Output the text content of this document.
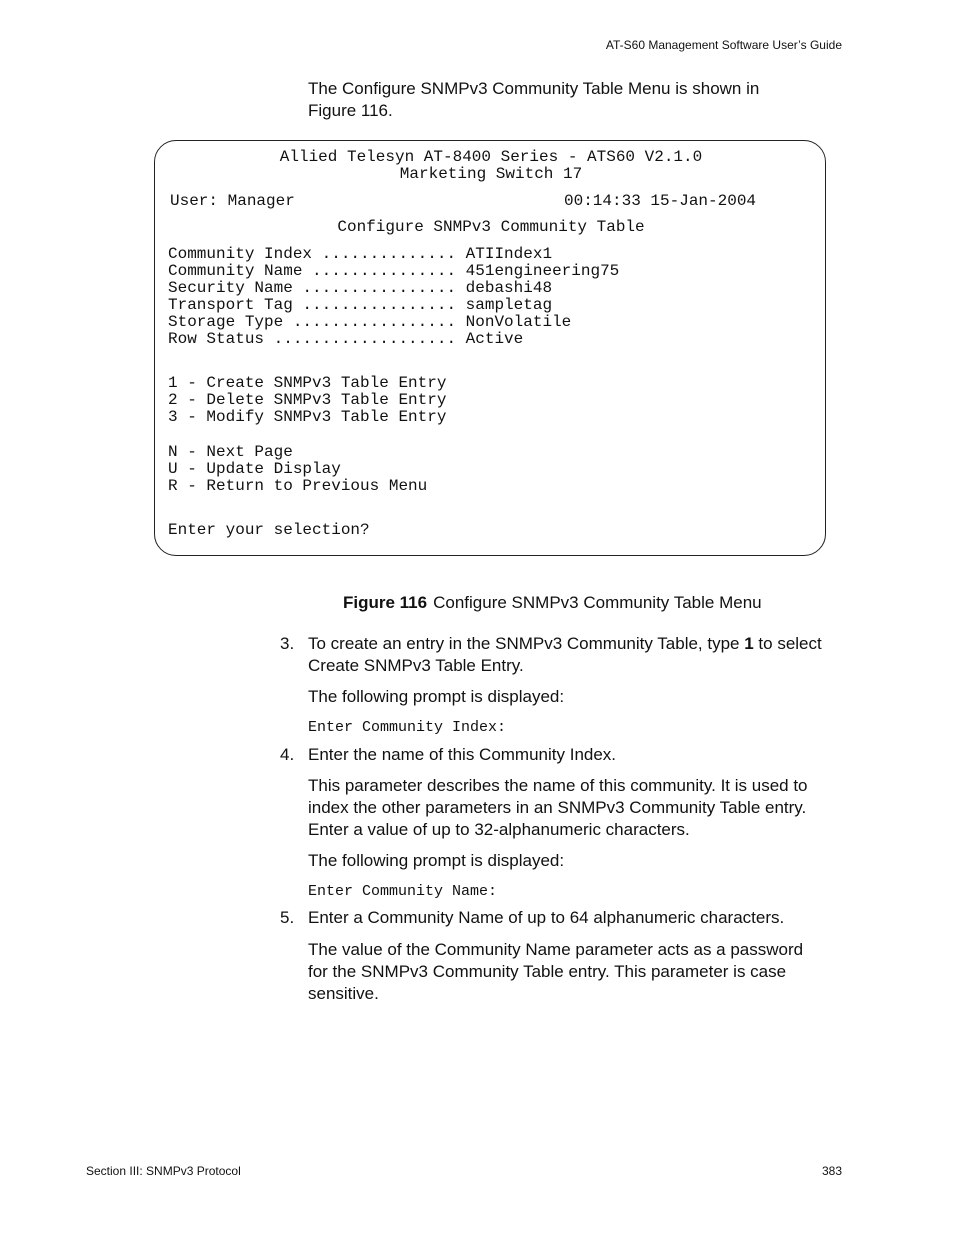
AT-S60 Management Software User’s Guide
The Configure SNMPv3 Community Table Menu is shown in Figure 116.
Allied Telesyn AT-8400 Series - ATS60 V2.1.0
Marketing Switch 17
User: Manager	00:14:33 15-Jan-2004
Configure SNMPv3 Community Table
Community Index .............. ATIIndex1
Community Name ............... 451engineering75
Security Name ................ debashi48
Transport Tag ................ sampletag
Storage Type ................. NonVolatile
Row Status ................... Active
1 - Create SNMPv3 Table Entry
2 - Delete SNMPv3 Table Entry
3 - Modify SNMPv3 Table Entry
N - Next Page
U - Update Display
R - Return to Previous Menu
Enter your selection?
Figure 116 Configure SNMPv3 Community Table Menu
3. To create an entry in the SNMPv3 Community Table, type 1 to select Create SNMPv3 Table Entry.
The following prompt is displayed:
Enter Community Index:
4. Enter the name of this Community Index.
This parameter describes the name of this community. It is used to index the other parameters in an SNMPv3 Community Table entry. Enter a value of up to 32-alphanumeric characters.
The following prompt is displayed:
Enter Community Name:
5. Enter a Community Name of up to 64 alphanumeric characters.
The value of the Community Name parameter acts as a password for the SNMPv3 Community Table entry. This parameter is case sensitive.
Section III: SNMPv3 Protocol	383
